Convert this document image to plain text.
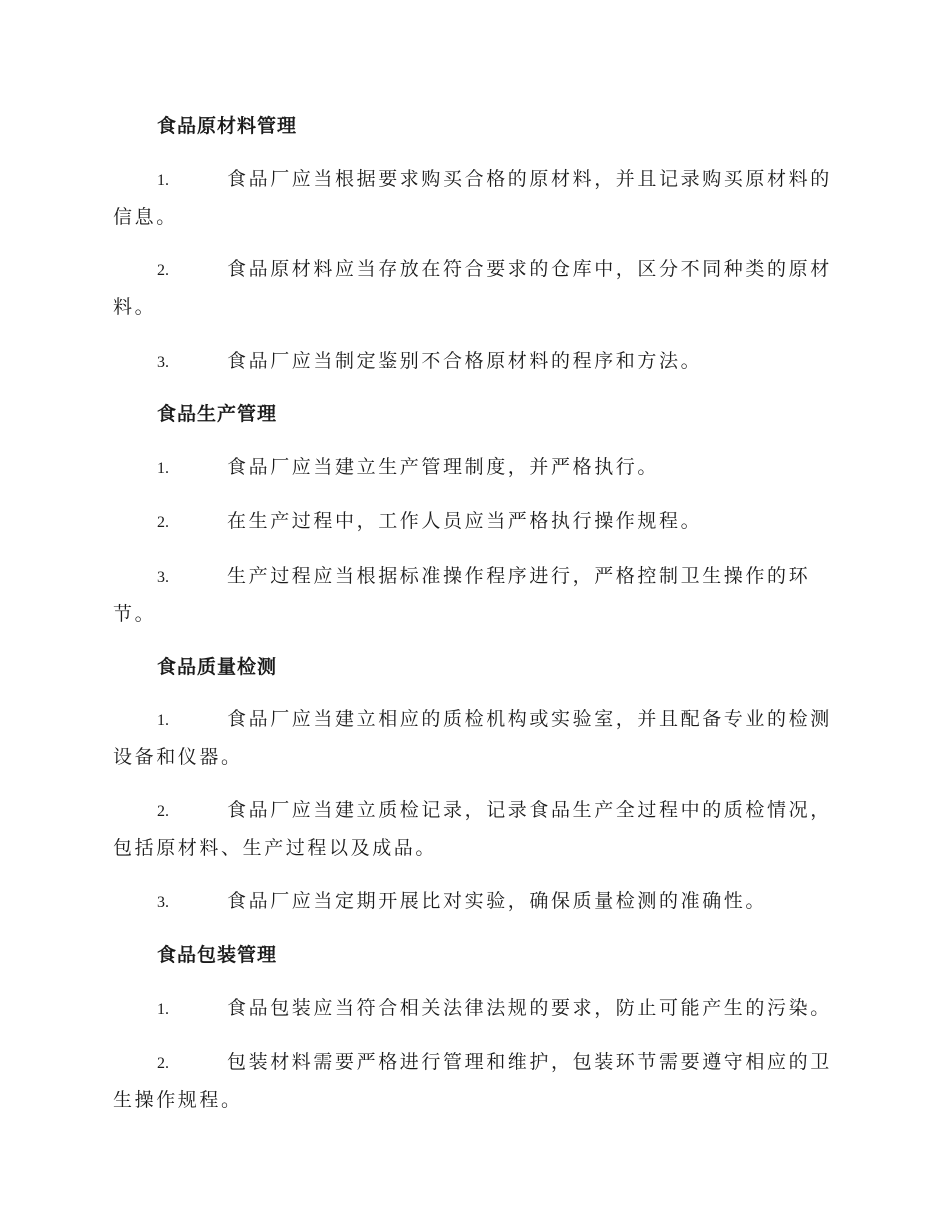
食品原材料管理
1.	食品厂应当根据要求购买合格的原材料，并且记录购买原材料的信息。
2.	食品原材料应当存放在符合要求的仓库中，区分不同种类的原材料。
3.	食品厂应当制定鉴别不合格原材料的程序和方法。
食品生产管理
1.	食品厂应当建立生产管理制度，并严格执行。
2.	在生产过程中，工作人员应当严格执行操作规程。
3.	生产过程应当根据标准操作程序进行，严格控制卫生操作的环节。
食品质量检测
1.	食品厂应当建立相应的质检机构或实验室，并且配备专业的检测设备和仪器。
2.	食品厂应当建立质检记录，记录食品生产全过程中的质检情况，包括原材料、生产过程以及成品。
3.	食品厂应当定期开展比对实验，确保质量检测的准确性。
食品包装管理
1.	食品包装应当符合相关法律法规的要求，防止可能产生的污染。
2.	包装材料需要严格进行管理和维护，包装环节需要遵守相应的卫生操作规程。
